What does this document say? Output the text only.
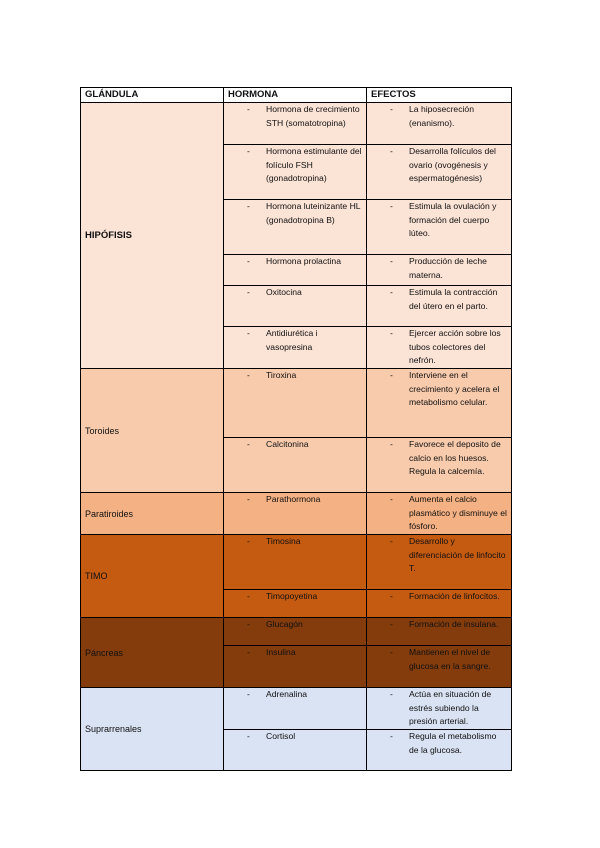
GLÁNDULA	HORMONA	EFECTOS
HIPÓFISIS	- Hormona de crecimiento STH (somatotropina)	- La hiposecreción (enanismo).

	- Hormona estimulante del folículo FSH (gonadotropina)	- Desarrolla folículos del ovario (ovogénesis y espermatogénesis)

	- Hormona luteinizante HL (gonadotropina B)	- Estimula la ovulación y formación del cuerpo lúteo.

	- Hormona prolactina	- Producción de leche materna.

	- Oxitocina	- Estimula la contracción del útero en el parto.

	- Antidiurética i vasopresina	- Ejercer acción sobre los tubos colectores del nefrón.

Toroides	- Tiroxina	- Interviene en el crecimiento y acelera el metabolismo celular.

	- Calcitonina	- Favorece el deposito de calcio en los huesos. Regula la calcemía.

Paratiroides	- Parathormona	- Aumenta el calcio plasmático y disminuye el fósforo.

TIMO	- Timosina	- Desarrollo y diferenciación de linfocito T.

	- Timopoyetina	- Formación de linfocitos.

Páncreas	- Glucagón	- Formación de insulana.

	- Insulina	- Mantienen el nivel de glucosa en la sangre.

Suprarrenales	- Adrenalina	- Actúa en situación de estrés subiendo la presión arterial.

	- Cortisol	- Regula el metabolismo de la glucosa.
